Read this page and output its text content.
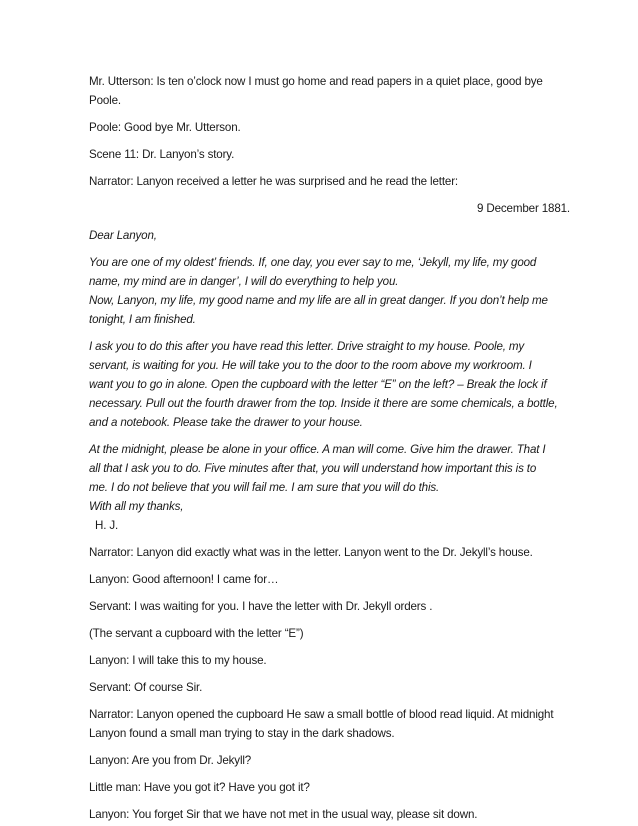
Mr. Utterson: Is ten o’clock now I must go home and read papers in a quiet place, good bye Poole.

Poole: Good bye Mr. Utterson.

Scene 11: Dr. Lanyon’s story.

Narrator: Lanyon received a letter he was surprised and he read the letter:

9 December 1881.

Dear Lanyon,

You are one of my oldest’ friends. If, one day, you ever say to me, ‘Jekyll, my life, my good name, my mind are in danger’, I will do everything to help you.

Now, Lanyon, my life, my good name and my life are all in great danger. If you don’t help me tonight, I am finished.

I ask you to do this after you have read this letter. Drive straight to my house. Poole, my servant, is waiting for you. He will take you to the door to the room above my workroom. I want you to go in alone. Open the cupboard with the letter “E” on the left? – Break the lock if necessary. Pull out the fourth drawer from the top. Inside it there are some chemicals, a bottle, and a notebook. Please take the drawer to your house.

At the midnight, please be alone in your office. A man will come. Give him the drawer. That I all that I ask you to do. Five minutes after that, you will understand how important this is to me. I do not believe that you will fail me. I am sure that you will do this.

With all my thanks,

H. J.

Narrator: Lanyon did exactly what was in the letter. Lanyon went to the Dr. Jekyll’s house.

Lanyon: Good afternoon! I came for…

Servant: I was waiting for you. I have the letter with Dr. Jekyll orders .

(The servant a cupboard with the letter “E”)

Lanyon: I will take this to my house.

Servant: Of course Sir.

Narrator: Lanyon opened the cupboard He saw a small bottle of blood read liquid. At midnight Lanyon found a small man trying to stay in the dark shadows.

Lanyon: Are you from Dr. Jekyll?

Little man: Have you got it? Have you got it?

Lanyon: You forget Sir that we have not met in the usual way, please sit down.
